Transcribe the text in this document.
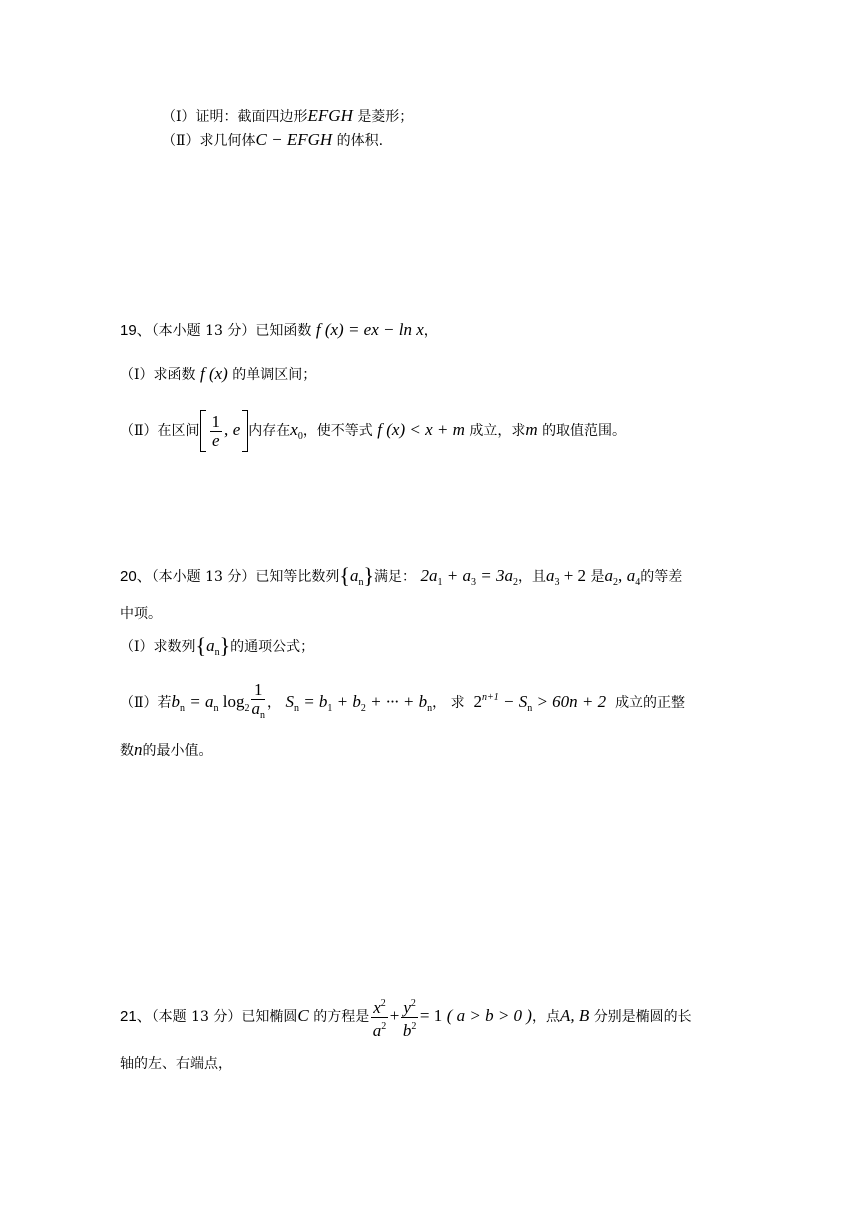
（Ⅰ）证明：截面四边形EFGH 是菱形；
（Ⅱ）求几何体C − EFGH 的体积.
19、（本小题 13 分）已知函数 f (x) = ex − ln x，
（Ⅰ）求函数 f (x) 的单调区间；
（Ⅱ）在区间 $\frac{1}{e}$ , e 内存在$x_0$，使不等式 f (x) < x + m 成立，求m 的取值范围。
20、（本小题 13 分）已知等比数列$\{a_n\}$满足： $2a_1 + a_3 = 3a_2$，且$a_3 + 2$ 是$a_2$, $a_4$的等差
中项。
（Ⅰ）求数列$\{a_n\}$的通项公式；
（Ⅱ）若$b_n = a_n$ $\log_2 \frac{1}{a_n}$ ， $S_n = b_1 + b_2$ + ··· + $b_n$， 求 $2^{n+1} - S_n > 60n + 2$ 成立的正整
数n的最小值。
21、（本题 13 分）已知椭圆C 的方程是 $\frac{x^2}{a^2} + \frac{y^2}{b^2} = 1$ ( a > b > 0 )，点A, B 分别是椭圆的长
轴的左、右端点，
